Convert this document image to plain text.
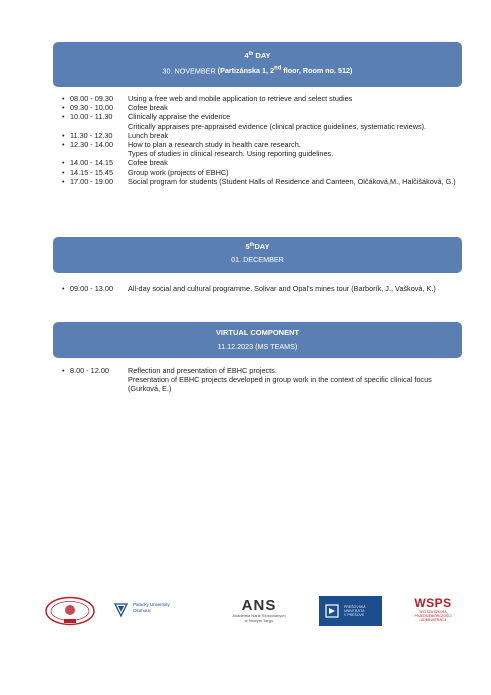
4th DAY
30. NOVEMBER (Partizánska 1, 2nd floor, Room no. 512)
• 08.00 - 09.30	Using a free web and mobile application to retrieve and select studies
• 09.30 - 10.00	Cofee break
• 10.00 - 11.30	Clinically appraise the evidence
Critically appraises pre-appraised evidence (clinical practice guidelines, systematic reviews).
• 11.30 - 12.30	Lunch break
• 12.30 - 14.00	How to plan a research study in health care research.
Types of studies in clinical research. Using reporting guidelines.
• 14.00 - 14.15	Cofee break
• 14.15 - 15.45	Group work (projects of EBHC)
• 17.00 - 19.00	Social program for students (Student Halls of Residence and Canteen, Olčáková,M., Halčišáková, G.)
5thDAY
01. DECEMBER
• 09.00 - 13.00	All-day social and cultural programme. Solivar and Opal's mines tour (Barborík, J., Vašková, K.)
VIRTUAL COMPONENT
11.12.2023 (MS TEAMS)
• 8.00 - 12.00	Reflection and presentation of EBHC projects.
Presentation of EBHC projects developed in group work in the context of specific clinical focus (Gurková, E.)
Palacký University
Olomouc	ANS
Akademia Nauk Stosowanych
w Nowym Targu
PREŠOVSKÁ
UNIVERZITA
V PREŠOVE
WSPS
WYŻSZA SZKOŁA
PRZEDSIĘBIORCZOŚCI
I ADMINISTRACJI
